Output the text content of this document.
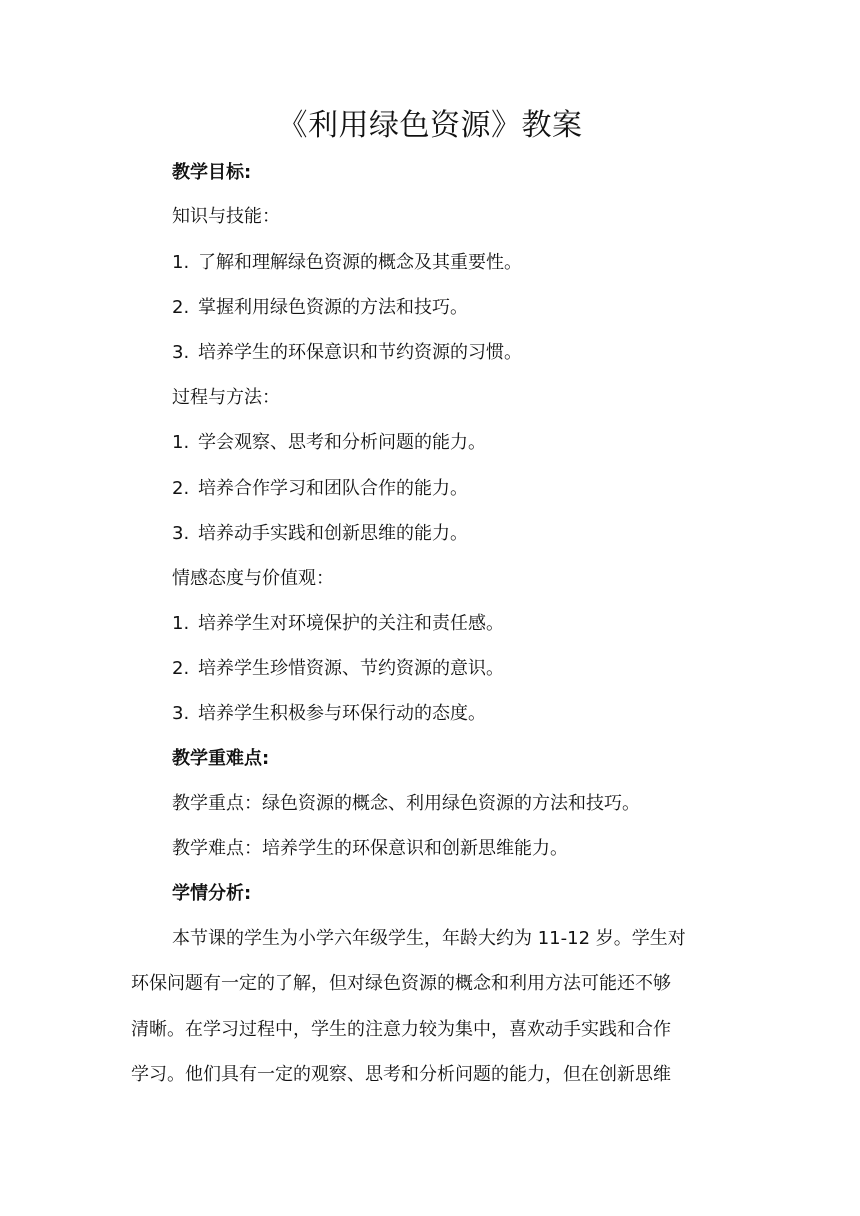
《利用绿色资源》教案
教学目标:
知识与技能：
1. 了解和理解绿色资源的概念及其重要性。
2. 掌握利用绿色资源的方法和技巧。
3. 培养学生的环保意识和节约资源的习惯。
过程与方法：
1. 学会观察、思考和分析问题的能力。
2. 培养合作学习和团队合作的能力。
3. 培养动手实践和创新思维的能力。
情感态度与价值观：
1. 培养学生对环境保护的关注和责任感。
2. 培养学生珍惜资源、节约资源的意识。
3. 培养学生积极参与环保行动的态度。
教学重难点:
教学重点：绿色资源的概念、利用绿色资源的方法和技巧。
教学难点：培养学生的环保意识和创新思维能力。
学情分析:
本节课的学生为小学六年级学生，年龄大约为 11-12 岁。学生对
环保问题有一定的了解，但对绿色资源的概念和利用方法可能还不够
清晰。在学习过程中，学生的注意力较为集中，喜欢动手实践和合作
学习。他们具有一定的观察、思考和分析问题的能力，但在创新思维
